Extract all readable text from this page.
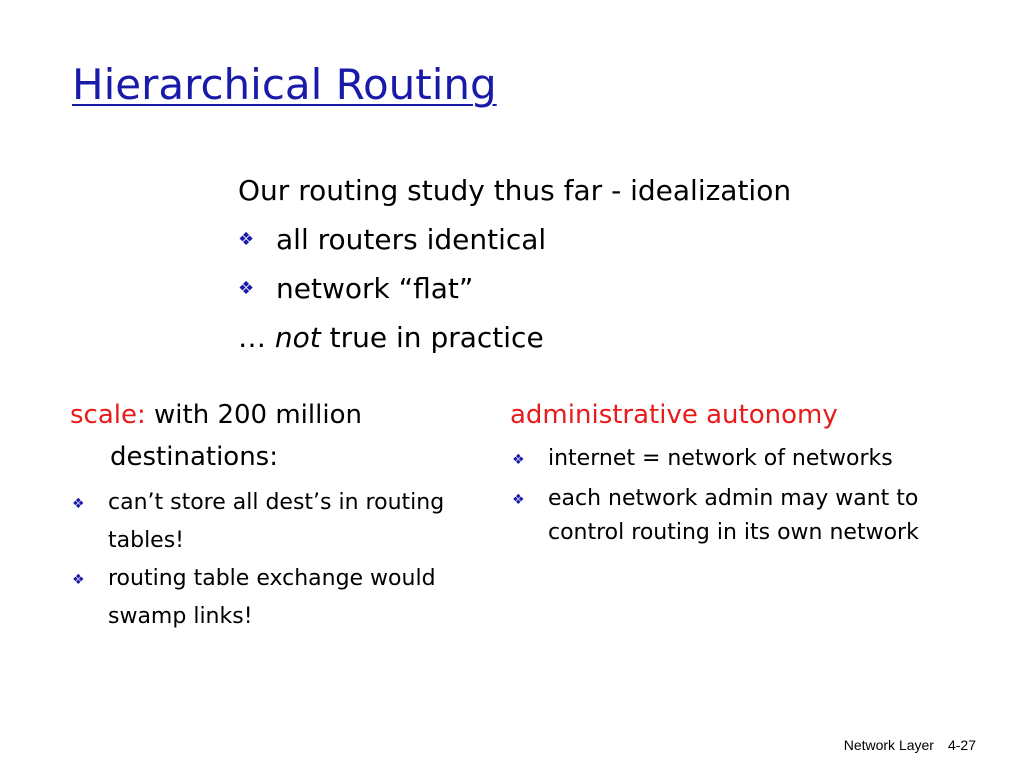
Hierarchical Routing
Our routing study thus far - idealization
❖ all routers identical
❖ network “flat”
… not true in practice
scale: with 200 million
destinations:
❖ can’t store all dest’s in routing tables!
❖ routing table exchange would swamp links!
administrative autonomy
❖ internet = network of networks
❖ each network admin may want to control routing in its own network
Network Layer 4-27
